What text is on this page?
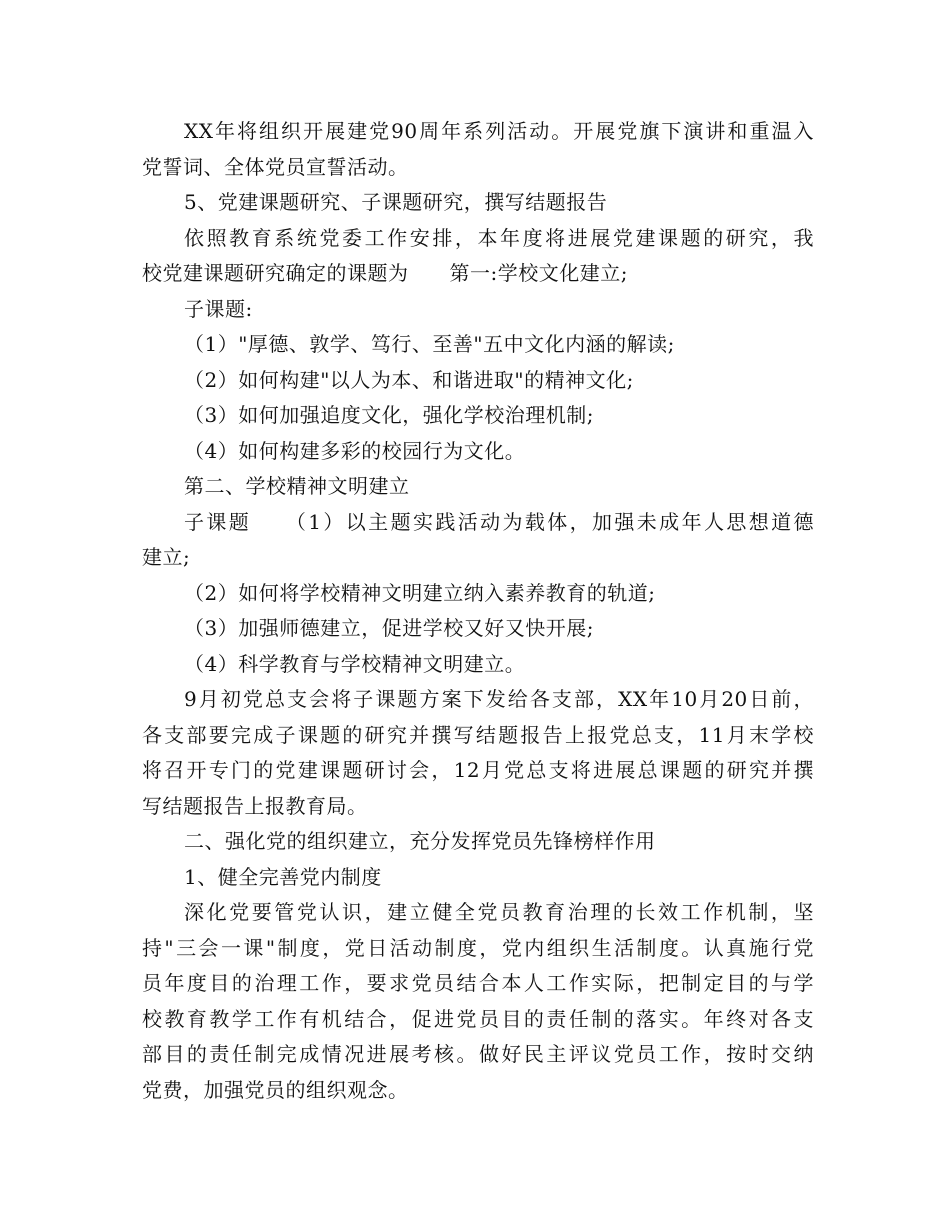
XX年将组织开展建党90周年系列活动。开展党旗下演讲和重温入
党誓词、全体党员宣誓活动。
5、党建课题研究、子课题研究，撰写结题报告
依照教育系统党委工作安排，本年度将进展党建课题的研究，我
校党建课题研究确定的课题为　　第一:学校文化建立;
子课题:
（1）"厚德、敦学、笃行、至善"五中文化内涵的解读;
（2）如何构建"以人为本、和谐进取"的精神文化;
（3）如何加强追度文化，强化学校治理机制;
（4）如何构建多彩的校园行为文化。
第二、学校精神文明建立
子课题　　（1）以主题实践活动为载体，加强未成年人思想道德
建立;
（2）如何将学校精神文明建立纳入素养教育的轨道;
（3）加强师德建立，促进学校又好又快开展;
（4）科学教育与学校精神文明建立。
9月初党总支会将子课题方案下发给各支部，XX年10月20日前，
各支部要完成子课题的研究并撰写结题报告上报党总支，11月末学校
将召开专门的党建课题研讨会，12月党总支将进展总课题的研究并撰
写结题报告上报教育局。
二、强化党的组织建立，充分发挥党员先锋榜样作用
1、健全完善党内制度
深化党要管党认识，建立健全党员教育治理的长效工作机制，坚
持"三会一课"制度，党日活动制度，党内组织生活制度。认真施行党
员年度目的治理工作，要求党员结合本人工作实际，把制定目的与学
校教育教学工作有机结合，促进党员目的责任制的落实。年终对各支
部目的责任制完成情况进展考核。做好民主评议党员工作，按时交纳
党费，加强党员的组织观念。
